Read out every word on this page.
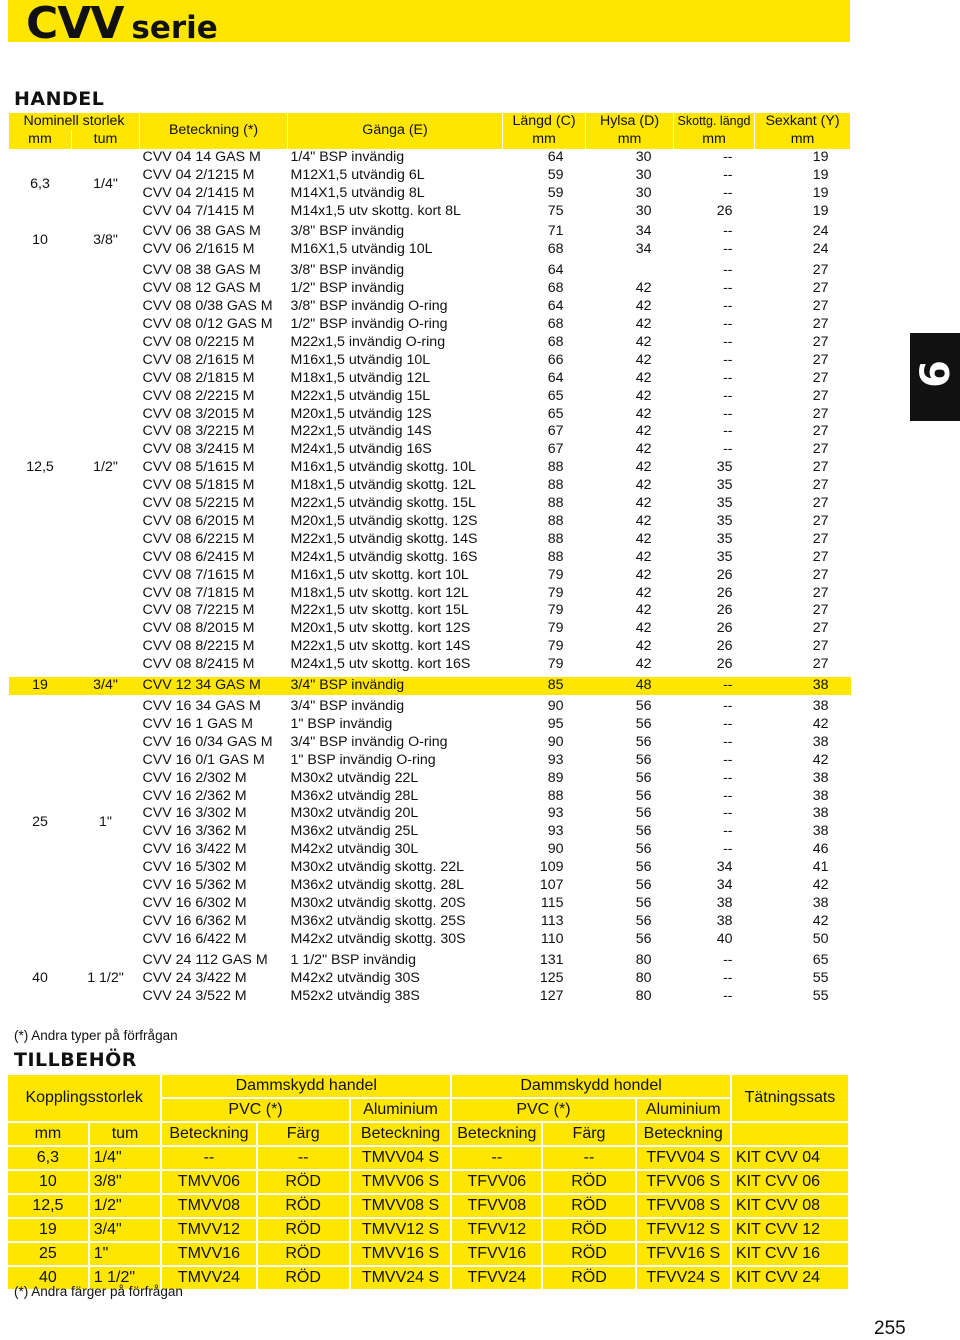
CVV serie
HANDEL
Nominell storlek		Beteckning (*)	Gänga (E)	Längd (C)	Hylsa (D)	Skottg. längd	Sexkant (Y)
mm	tum			mm	mm	mm	mm
6,3	1/4"	CVV 04 14 GAS M	1/4" BSP invändig	64	30	--	19
		CVV 04 2/1215 M	M12X1,5 utvändig 6L	59	30	--	19
		CVV 04 2/1415 M	M14X1,5 utvändig 8L	59	30	--	19
		CVV 04 7/1415 M	M14x1,5 utv skottg. kort 8L	75	30	26	19
10	3/8"	CVV 06 38 GAS M	3/8" BSP invändig	71	34	--	24
		CVV 06 2/1615 M	M16X1,5 utvändig 10L	68	34	--	24
12,5	1/2"	CVV 08 38 GAS M	3/8" BSP invändig	64		--	27
		CVV 08 12 GAS M	1/2" BSP invändig	68	42	--	27
		CVV 08 0/38 GAS M	3/8" BSP invändig O-ring	64	42	--	27
		CVV 08 0/12 GAS M	1/2" BSP invändig O-ring	68	42	--	27
		CVV 08 0/2215 M	M22x1,5 invändig O-ring	68	42	--	27
		CVV 08 2/1615 M	M16x1,5 utvändig 10L	66	42	--	27
		CVV 08 2/1815 M	M18x1,5 utvändig 12L	64	42	--	27
		CVV 08 2/2215 M	M22x1,5 utvändig 15L	65	42	--	27
		CVV 08 3/2015 M	M20x1,5 utvändig 12S	65	42	--	27
		CVV 08 3/2215 M	M22x1,5 utvändig 14S	67	42	--	27
		CVV 08 3/2415 M	M24x1,5 utvändig 16S	67	42	--	27
		CVV 08 5/1615 M	M16x1,5 utvändig skottg. 10L	88	42	35	27
		CVV 08 5/1815 M	M18x1,5 utvändig skottg. 12L	88	42	35	27
		CVV 08 5/2215 M	M22x1,5 utvändig skottg. 15L	88	42	35	27
		CVV 08 6/2015 M	M20x1,5 utvändig skottg. 12S	88	42	35	27
		CVV 08 6/2215 M	M22x1,5 utvändig skottg. 14S	88	42	35	27
		CVV 08 6/2415 M	M24x1,5 utvändig skottg. 16S	88	42	35	27
		CVV 08 7/1615 M	M16x1,5 utv skottg. kort 10L	79	42	26	27
		CVV 08 7/1815 M	M18x1,5 utv skottg. kort 12L	79	42	26	27
		CVV 08 7/2215 M	M22x1,5 utv skottg. kort 15L	79	42	26	27
		CVV 08 8/2015 M	M20x1,5 utv skottg. kort 12S	79	42	26	27
		CVV 08 8/2215 M	M22x1,5 utv skottg. kort 14S	79	42	26	27
		CVV 08 8/2415 M	M24x1,5 utv skottg. kort 16S	79	42	26	27
19	3/4"	CVV 12 34 GAS M	3/4" BSP invändig	85	48	--	38
25	1"	CVV 16 34 GAS M	3/4" BSP invändig	90	56	--	38
		CVV 16 1 GAS M	1" BSP invändig	95	56	--	42
		CVV 16 0/34 GAS M	3/4" BSP invändig O-ring	90	56	--	38
		CVV 16 0/1 GAS M	1" BSP invändig O-ring	93	56	--	42
		CVV 16 2/302 M	M30x2 utvändig 22L	89	56	--	38
		CVV 16 2/362 M	M36x2 utvändig 28L	88	56	--	38
		CVV 16 3/302 M	M30x2 utvändig 20L	93	56	--	38
		CVV 16 3/362 M	M36x2 utvändig 25L	93	56	--	38
		CVV 16 3/422 M	M42x2 utvändig 30L	90	56	--	46
		CVV 16 5/302 M	M30x2 utvändig skottg. 22L	109	56	34	41
		CVV 16 5/362 M	M36x2 utvändig skottg. 28L	107	56	34	42
		CVV 16 6/302 M	M30x2 utvändig skottg. 20S	115	56	38	38
		CVV 16 6/362 M	M36x2 utvändig skottg. 25S	113	56	38	42
		CVV 16 6/422 M	M42x2 utvändig skottg. 30S	110	56	40	50
40	1 1/2"	CVV 24 112 GAS M	1 1/2" BSP invändig	131	80	--	65
		CVV 24 3/422 M	M42x2 utvändig 30S	125	80	--	55
		CVV 24 3/522 M	M52x2 utvändig 38S	127	80	--	55
(*) Andra typer på förfrågan
TILLBEHÖR
Kopplingsstorlek		Dammskydd handel			Dammskydd hondel			Tätningssats
		PVC (*)		Aluminium	PVC (*)		Aluminium	
mm	tum	Beteckning	Färg	Beteckning	Beteckning	Färg	Beteckning	
6,3	1/4"	--	--	TMVV04 S	--	--	TFVV04 S	KIT CVV 04
10	3/8"	TMVV06	RÖD	TMVV06 S	TFVV06	RÖD	TFVV06 S	KIT CVV 06
12,5	1/2"	TMVV08	RÖD	TMVV08 S	TFVV08	RÖD	TFVV08 S	KIT CVV 08
19	3/4"	TMVV12	RÖD	TMVV12 S	TFVV12	RÖD	TFVV12 S	KIT CVV 12
25	1"	TMVV16	RÖD	TMVV16 S	TFVV16	RÖD	TFVV16 S	KIT CVV 16
40	1 1/2"	TMVV24	RÖD	TMVV24 S	TFVV24	RÖD	TFVV24 S	KIT CVV 24
(*) Andra färger på förfrågan
6
255
